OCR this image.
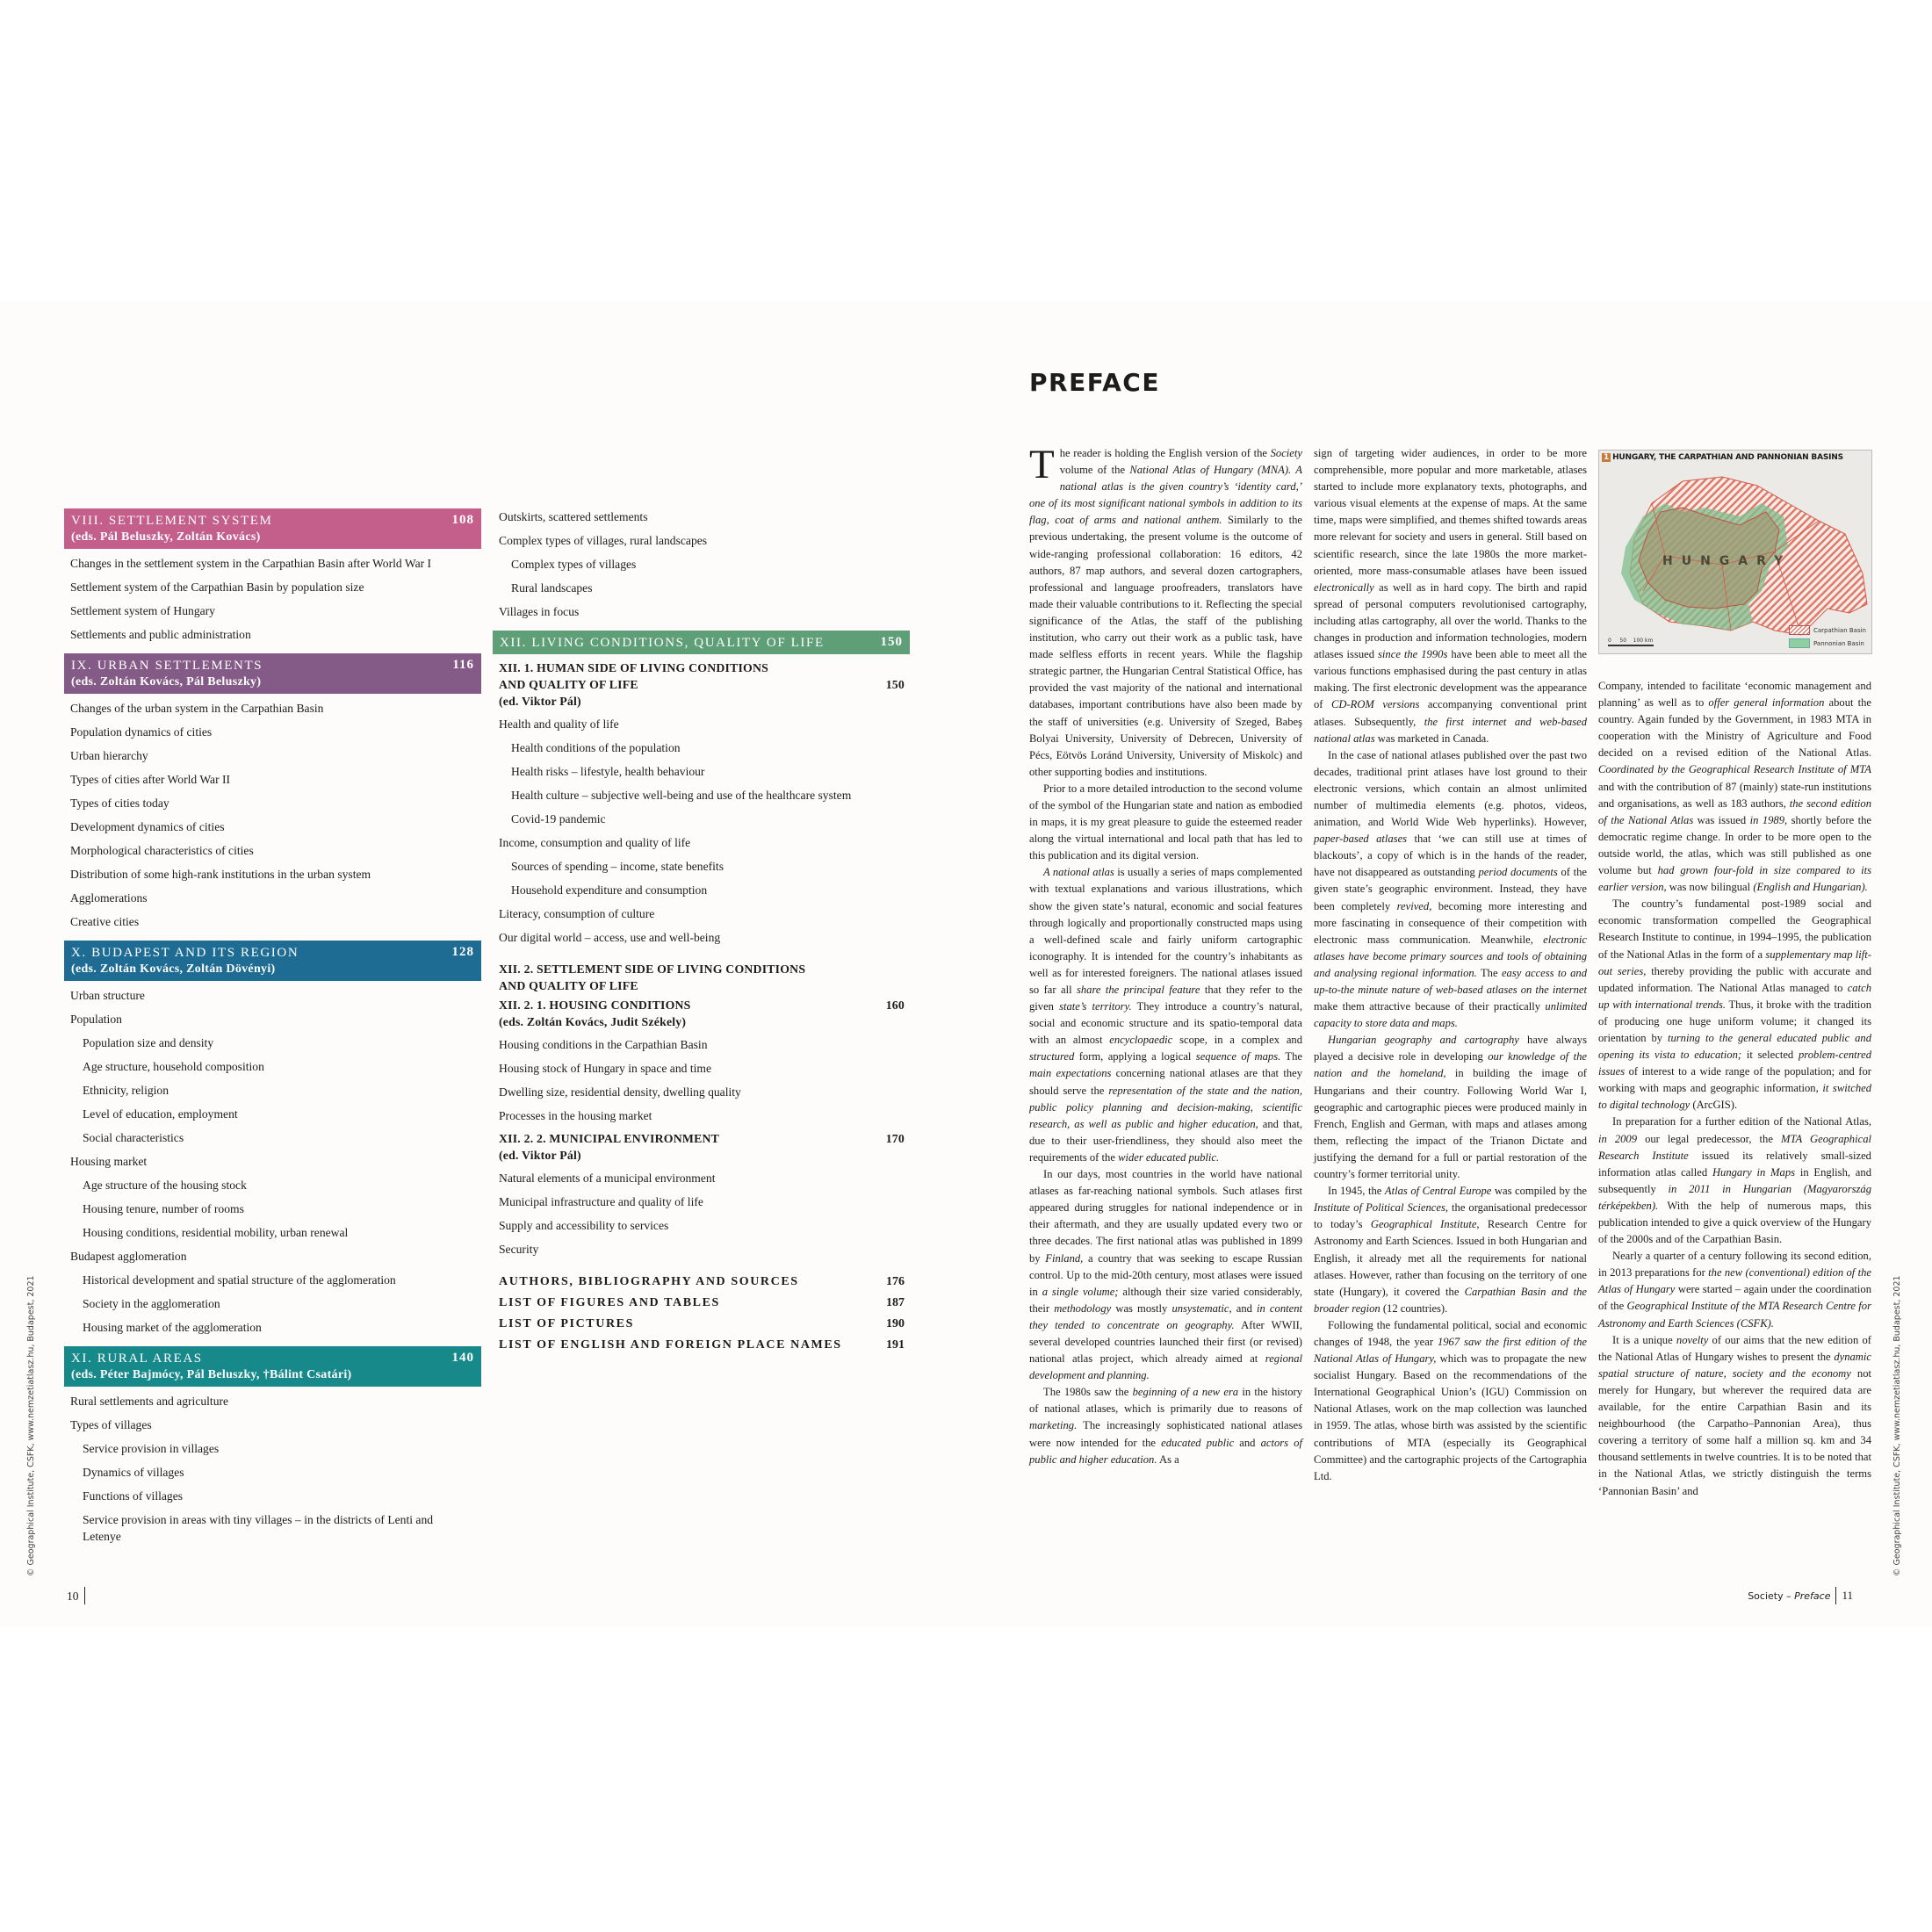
© Geographical Institute, CSFK, www.nemzetiatlasz.hu, Budapest, 2021	© Geographical Institute, CSFK, www.nemzetiatlasz.hu, Budapest, 2021
VIII. SETTLEMENT SYSTEM
(eds. Pál Beluszky, Zoltán Kovács)
108
Changes in the settlement system in the Carpathian Basin after World War I
Settlement system of the Carpathian Basin by population size
Settlement system of Hungary
Settlements and public administration
IX. URBAN SETTLEMENTS
(eds. Zoltán Kovács, Pál Beluszky)
116
Changes of the urban system in the Carpathian Basin
Population dynamics of cities
Urban hierarchy
Types of cities after World War II
Types of cities today
Development dynamics of cities
Morphological characteristics of cities
Distribution of some high-rank institutions in the urban system
Agglomerations
Creative cities
X. BUDAPEST AND ITS REGION
(eds. Zoltán Kovács, Zoltán Dövényi)
128
Urban structure
Population
Population size and density
Age structure, household composition
Ethnicity, religion
Level of education, employment
Social characteristics
Housing market
Age structure of the housing stock
Housing tenure, number of rooms
Housing conditions, residential mobility, urban renewal
Budapest agglomeration
Historical development and spatial structure of the agglomeration
Society in the agglomeration
Housing market of the agglomeration
XI. RURAL AREAS
(eds. Péter Bajmócy, Pál Beluszky, †Bálint Csatári)
140
Rural settlements and agriculture
Types of villages
Service provision in villages
Dynamics of villages
Functions of villages
Service provision in areas with tiny villages – in the districts of Lenti and Letenye
Outskirts, scattered settlements
Complex types of villages, rural landscapes
Complex types of villages
Rural landscapes
Villages in focus
XII. LIVING CONDITIONS, QUALITY OF LIFE	150
XII. 1. HUMAN SIDE OF LIVING CONDITIONS
AND QUALITY OF LIFE	150
(ed. Viktor Pál)
Health and quality of life
Health conditions of the population
Health risks – lifestyle, health behaviour
Health culture – subjective well-being and use of the healthcare system
Covid-19 pandemic
Income, consumption and quality of life
Sources of spending – income, state benefits
Household expenditure and consumption
Literacy, consumption of culture
Our digital world – access, use and well-being
XII. 2. SETTLEMENT SIDE OF LIVING CONDITIONS
AND QUALITY OF LIFE
XII. 2. 1. HOUSING CONDITIONS	160
(eds. Zoltán Kovács, Judit Székely)
Housing conditions in the Carpathian Basin
Housing stock of Hungary in space and time
Dwelling size, residential density, dwelling quality
Processes in the housing market
XII. 2. 2. MUNICIPAL ENVIRONMENT	170
(ed. Viktor Pál)
Natural elements of a municipal environment
Municipal infrastructure and quality of life
Supply and accessibility to services
Security
AUTHORS, BIBLIOGRAPHY AND SOURCES	176
LIST OF FIGURES AND TABLES	187
LIST OF PICTURES	190
LIST OF ENGLISH AND FOREIGN PLACE NAMES	191
10
PREFACE

The reader is holding the English version of the Society volume of the National Atlas of Hungary (MNA). A national atlas is the given country’s ‘identity card,’ one of its most significant national symbols in addition to its flag, coat of arms and national anthem. Similarly to the previous undertaking, the present volume is the outcome of wide-ranging professional collaboration: 16 editors, 42 authors, 87 map authors, and several dozen cartographers, professional and language proofreaders, translators have made their valuable contributions to it. Reflecting the special significance of the Atlas, the staff of the publishing institution, who carry out their work as a public task, have made selfless efforts in recent years. While the flagship strategic partner, the Hungarian Central Statistical Office, has provided the vast majority of the national and international databases, important contributions have also been made by the staff of universities (e.g. University of Szeged, Babeş Bolyai University, University of Debrecen, University of Pécs, Eötvös Loránd University, University of Miskolc) and other supporting bodies and institutions.

Prior to a more detailed introduction to the second volume of the symbol of the Hungarian state and nation as embodied in maps, it is my great pleasure to guide the esteemed reader along the virtual international and local path that has led to this publication and its digital version.

A national atlas is usually a series of maps complemented with textual explanations and various illustrations, which show the given state’s natural, economic and social features through logically and proportionally constructed maps using a well-defined scale and fairly uniform cartographic iconography. It is intended for the country’s inhabitants as well as for interested foreigners. The national atlases issued so far all share the principal feature that they refer to the given state’s territory. They introduce a country’s natural, social and economic structure and its spatio-temporal data with an almost encyclopaedic scope, in a complex and structured form, applying a logical sequence of maps. The main expectations concerning national atlases are that they should serve the representation of the state and the nation, public policy planning and decision-making, scientific research, as well as public and higher education, and that, due to their user-friendliness, they should also meet the requirements of the wider educated public.

In our days, most countries in the world have national atlases as far-reaching national symbols. Such atlases first appeared during struggles for national independence or in their aftermath, and they are usually updated every two or three decades. The first national atlas was published in 1899 by Finland, a country that was seeking to escape Russian control. Up to the mid-20th century, most atlases were issued in a single volume; although their size varied considerably, their methodology was mostly unsystematic, and in content they tended to concentrate on geography. After WWII, several developed countries launched their first (or revised) national atlas project, which already aimed at regional development and planning.

The 1980s saw the beginning of a new era in the history of national atlases, which is primarily due to reasons of marketing. The increasingly sophisticated national atlases were now intended for the educated public and actors of public and higher education. As a

sign of targeting wider audiences, in order to be more comprehensible, more popular and more marketable, atlases started to include more explanatory texts, photographs, and various visual elements at the expense of maps. At the same time, maps were simplified, and themes shifted towards areas more relevant for society and users in general. Still based on scientific research, since the late 1980s the more market-oriented, more mass-consumable atlases have been issued electronically as well as in hard copy. The birth and rapid spread of personal computers revolutionised cartography, including atlas cartography, all over the world. Thanks to the changes in production and information technologies, modern atlases issued since the 1990s have been able to meet all the various functions emphasised during the past century in atlas making. The first electronic development was the appearance of CD-ROM versions accompanying conventional print atlases. Subsequently, the first internet and web-based national atlas was marketed in Canada.

In the case of national atlases published over the past two decades, traditional print atlases have lost ground to their electronic versions, which contain an almost unlimited number of multimedia elements (e.g. photos, videos, animation, and World Wide Web hyperlinks). However, paper-based atlases that ‘we can still use at times of blackouts’, a copy of which is in the hands of the reader, have not disappeared as outstanding period documents of the given state’s geographic environment. Instead, they have been completely revived, becoming more interesting and more fascinating in consequence of their competition with electronic mass communication. Meanwhile, electronic atlases have become primary sources and tools of obtaining and analysing regional information. The easy access to and up-to-the minute nature of web-based atlases on the internet make them attractive because of their practically unlimited capacity to store data and maps.

Hungarian geography and cartography have always played a decisive role in developing our knowledge of the nation and the homeland, in building the image of Hungarians and their country. Following World War I, geographic and cartographic pieces were produced mainly in French, English and German, with maps and atlases among them, reflecting the impact of the Trianon Dictate and justifying the demand for a full or partial restoration of the country’s former territorial unity.

In 1945, the Atlas of Central Europe was compiled by the Institute of Political Sciences, the organisational predecessor to today’s Geographical Institute, Research Centre for Astronomy and Earth Sciences. Issued in both Hungarian and English, it already met all the requirements for national atlases. However, rather than focusing on the territory of one state (Hungary), it covered the Carpathian Basin and the broader region (12 countries).

Following the fundamental political, social and economic changes of 1948, the year 1967 saw the first edition of the National Atlas of Hungary, which was to propagate the new socialist Hungary. Based on the recommendations of the International Geographical Union’s (IGU) Commission on National Atlases, work on the map collection was launched in 1959. The atlas, whose birth was assisted by the scientific contributions of MTA (especially its Geographical Committee) and the cartographic projects of the Cartographia Ltd.

Company, intended to facilitate ‘economic management and planning’ as well as to offer general information about the country. Again funded by the Government, in 1983 MTA in cooperation with the Ministry of Agriculture and Food decided on a revised edition of the National Atlas. Coordinated by the Geographical Research Institute of MTA and with the contribution of 87 (mainly) state-run institutions and organisations, as well as 183 authors, the second edition of the National Atlas was issued in 1989, shortly before the democratic regime change. In order to be more open to the outside world, the atlas, which was still published as one volume but had grown four-fold in size compared to its earlier version, was now bilingual (English and Hungarian).

The country’s fundamental post-1989 social and economic transformation compelled the Geographical Research Institute to continue, in 1994–1995, the publication of the National Atlas in the form of a supplementary map lift-out series, thereby providing the public with accurate and updated information. The National Atlas managed to catch up with international trends. Thus, it broke with the tradition of producing one huge uniform volume; it changed its orientation by turning to the general educated public and opening its vista to education; it selected problem-centred issues of interest to a wide range of the population; and for working with maps and geographic information, it switched to digital technology (ArcGIS).

In preparation for a further edition of the National Atlas, in 2009 our legal predecessor, the MTA Geographical Research Institute issued its relatively small-sized information atlas called Hungary in Maps in English, and subsequently in 2011 in Hungarian (Magyarország térképekben). With the help of numerous maps, this publication intended to give a quick overview of the Hungary of the 2000s and of the Carpathian Basin.

Nearly a quarter of a century following its second edition, in 2013 preparations for the new (conventional) edition of the Atlas of Hungary were started – again under the coordination of the Geographical Institute of the MTA Research Centre for Astronomy and Earth Sciences (CSFK).

It is a unique novelty of our aims that the new edition of the National Atlas of Hungary wishes to present the dynamic spatial structure of nature, society and the economy not merely for Hungary, but wherever the required data are available, for the entire Carpathian Basin and its neighbourhood (the Carpatho–Pannonian Area), thus covering a territory of some half a million sq. km and 34 thousand settlements in twelve countries. It is to be noted that in the National Atlas, we strictly distinguish the terms ‘Pannonian Basin’ and

1 HUNGARY, THE CARPATHIAN AND PANNONIAN BASINS
HUNGARY
0 50 100 km
Carpathian Basin
Pannonian Basin
Society – Preface 11
